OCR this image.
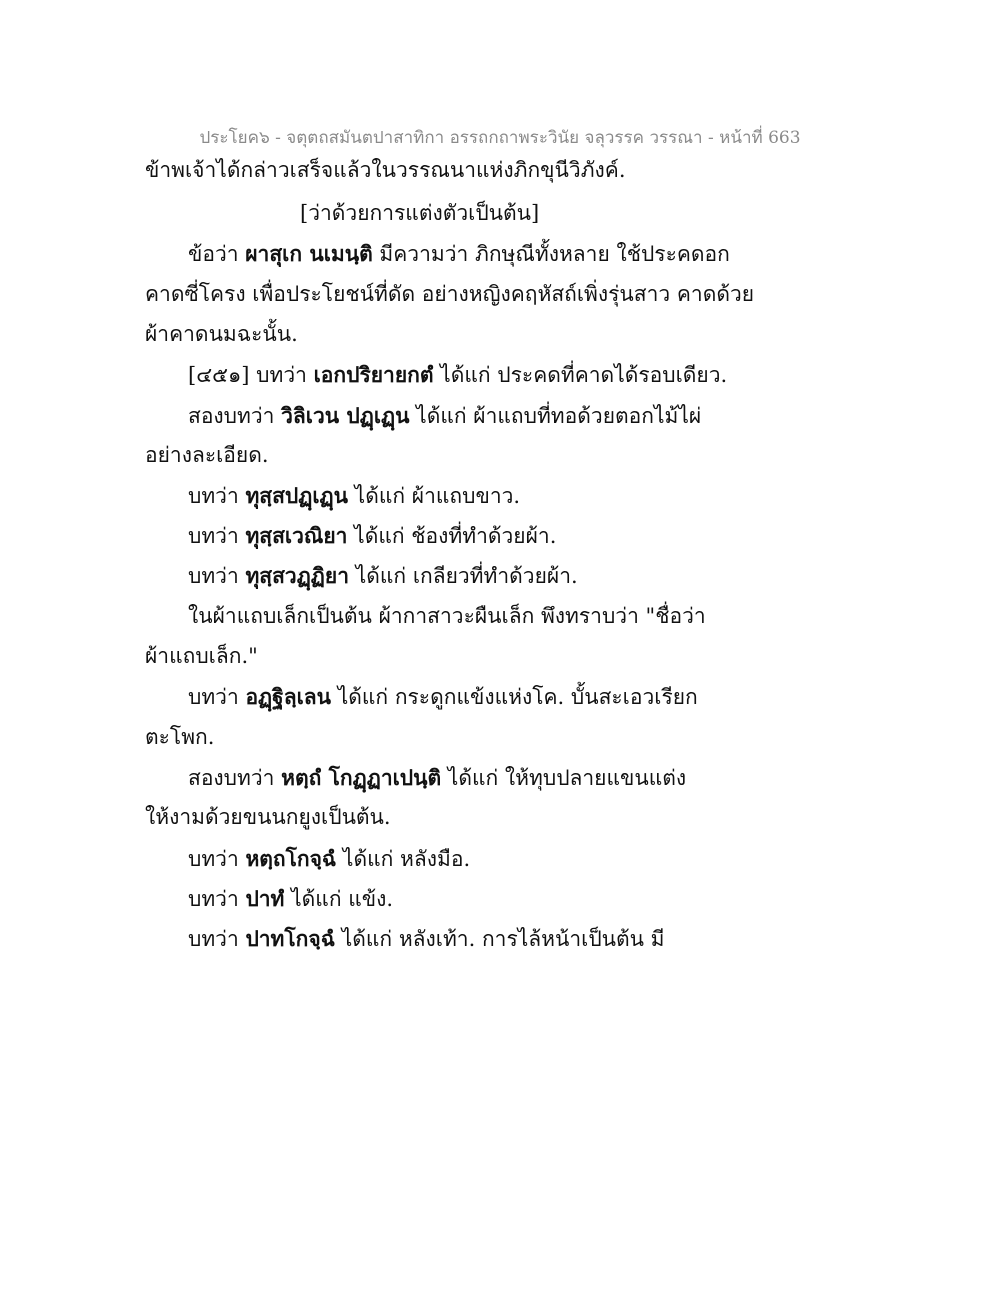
ประโยค๖ - จตุตถสมันตปาสาทิกา อรรถกถาพระวินัย จลุวรรค วรรณา - หน้าที่ 663
ข้าพเจ้าได้กล่าวเสร็จแล้วในวรรณนาแห่งภิกขุนีวิภังค์.
[ว่าด้วยการแต่งตัวเป็นต้น]
ข้อว่า ผาสุเก นเมนฺติ มีความว่า ภิกษุณีทั้งหลาย ใช้ประคดอก
คาดซี่โครง เพื่อประโยชน์ที่ดัด อย่างหญิงคฤหัสถ์เพิ่งรุ่นสาว คาดด้วย
ผ้าคาดนมฉะนั้น.
[๔๕๑] บทว่า เอกปริยายกตํ ได้แก่ ประคดที่คาดได้รอบเดียว.
สองบทว่า วิลิเวน ปฏฺเฏฺน ได้แก่ ผ้าแถบที่ทอด้วยตอกไม้ไผ่
อย่างละเอียด.
บทว่า ทุสฺสปฏฺเฏฺน ได้แก่ ผ้าแถบขาว.
บทว่า ทุสฺสเวณิยา ได้แก่ ช้องที่ทำด้วยผ้า.
บทว่า ทุสฺสวฏฺฏิยา ได้แก่ เกลียวที่ทำด้วยผ้า.
ในผ้าแถบเล็กเป็นต้น ผ้ากาสาวะผืนเล็ก พึงทราบว่า "ชื่อว่า
ผ้าแถบเล็ก."
บทว่า อฏฺฐิลฺเลน ได้แก่ กระดูกแข้งแห่งโค. บั้นสะเอวเรียก
ตะโพก.
สองบทว่า หตฺถํ โกฏฺฏาเปนฺติ ได้แก่ ให้ทุบปลายแขนแต่ง
ให้งามด้วยขนนกยูงเป็นต้น.
บทว่า หตฺถโกจฺฉํ ได้แก่ หลังมือ.
บทว่า ปาทํ ได้แก่ แข้ง.
บทว่า ปาทโกจฺฉํ ได้แก่ หลังเท้า. การไล้หน้าเป็นต้น มี
